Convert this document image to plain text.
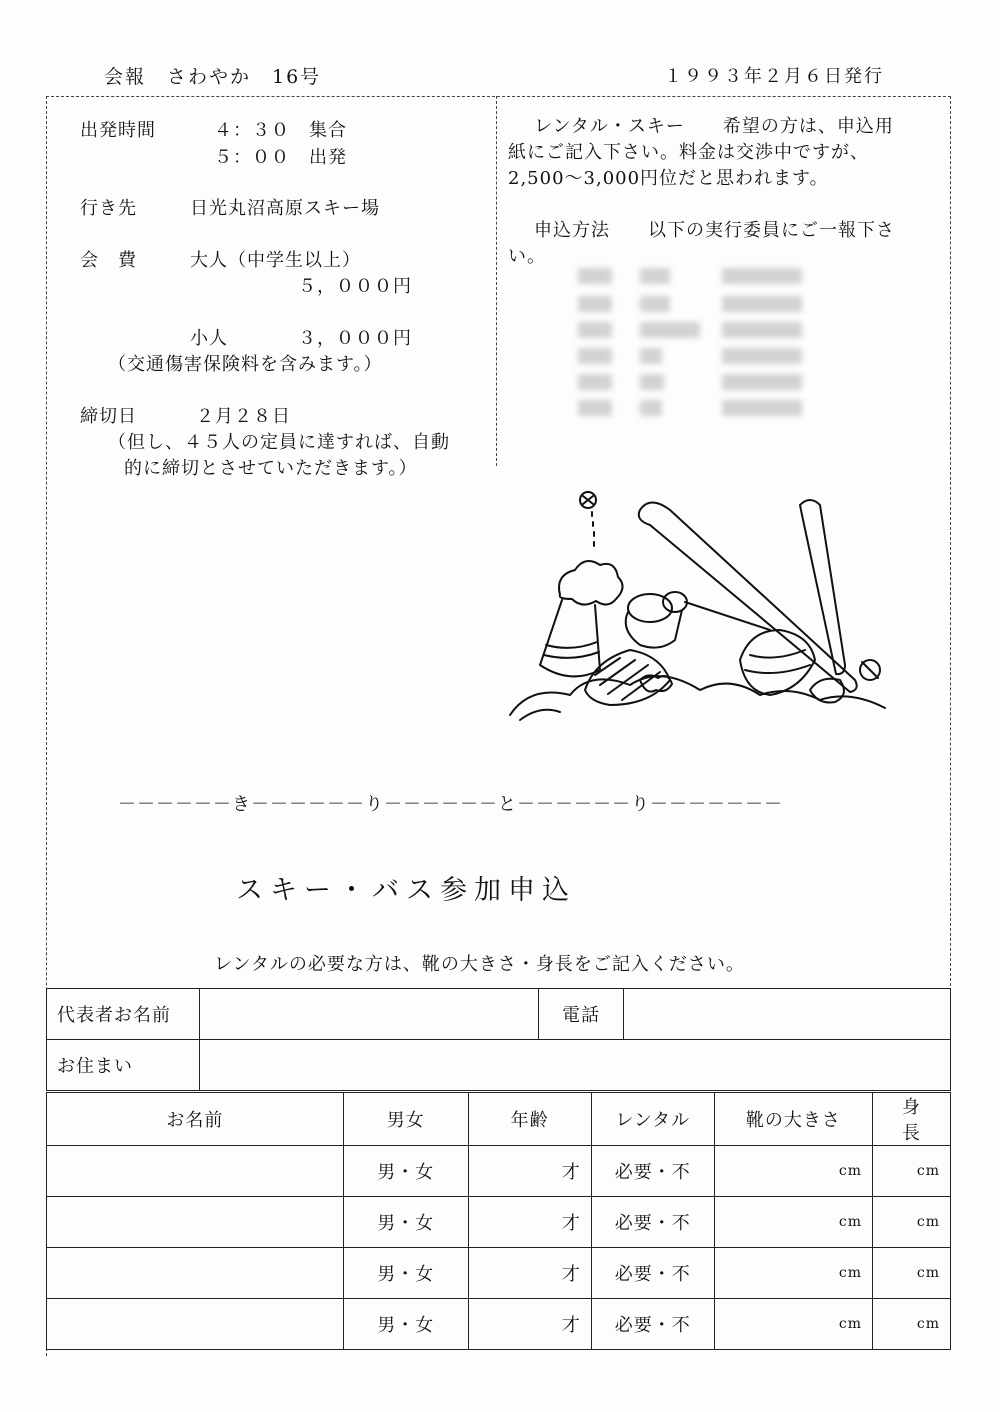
会報　さわやか　16号	１９９３年２月６日発行
出発時間	４：３０　集合
５：００　出発
行き先	日光丸沼高原スキー場
会　費	大人（中学生以上）
５，０００円
小人	３，０００円
（交通傷害保険料を含みます。）
締切日	２月２８日
（但し、４５人の定員に達すれば、自動
的に締切とさせていただきます。）
レンタル・スキー　　希望の方は、申込用
紙にご記入下さい。料金は交渉中ですが、
2,500～3,000円位だと思われます。
申込方法　　以下の実行委員にご一報下さ
い。
－－－－－－き－－－－－－り－－－－－－と－－－－－－り－－－－－－－
スキー・バス参加申込
レンタルの必要な方は、靴の大きさ・身長をご記入ください。
代表者お名前		電話	
お住まい			
お名前	男女	年齢	レンタル	靴の大きさ	身　　長
	男・女	才	必要・不	cm	cm
	男・女	才	必要・不	cm	cm
	男・女	才	必要・不	cm	cm
	男・女	才	必要・不	cm	cm
